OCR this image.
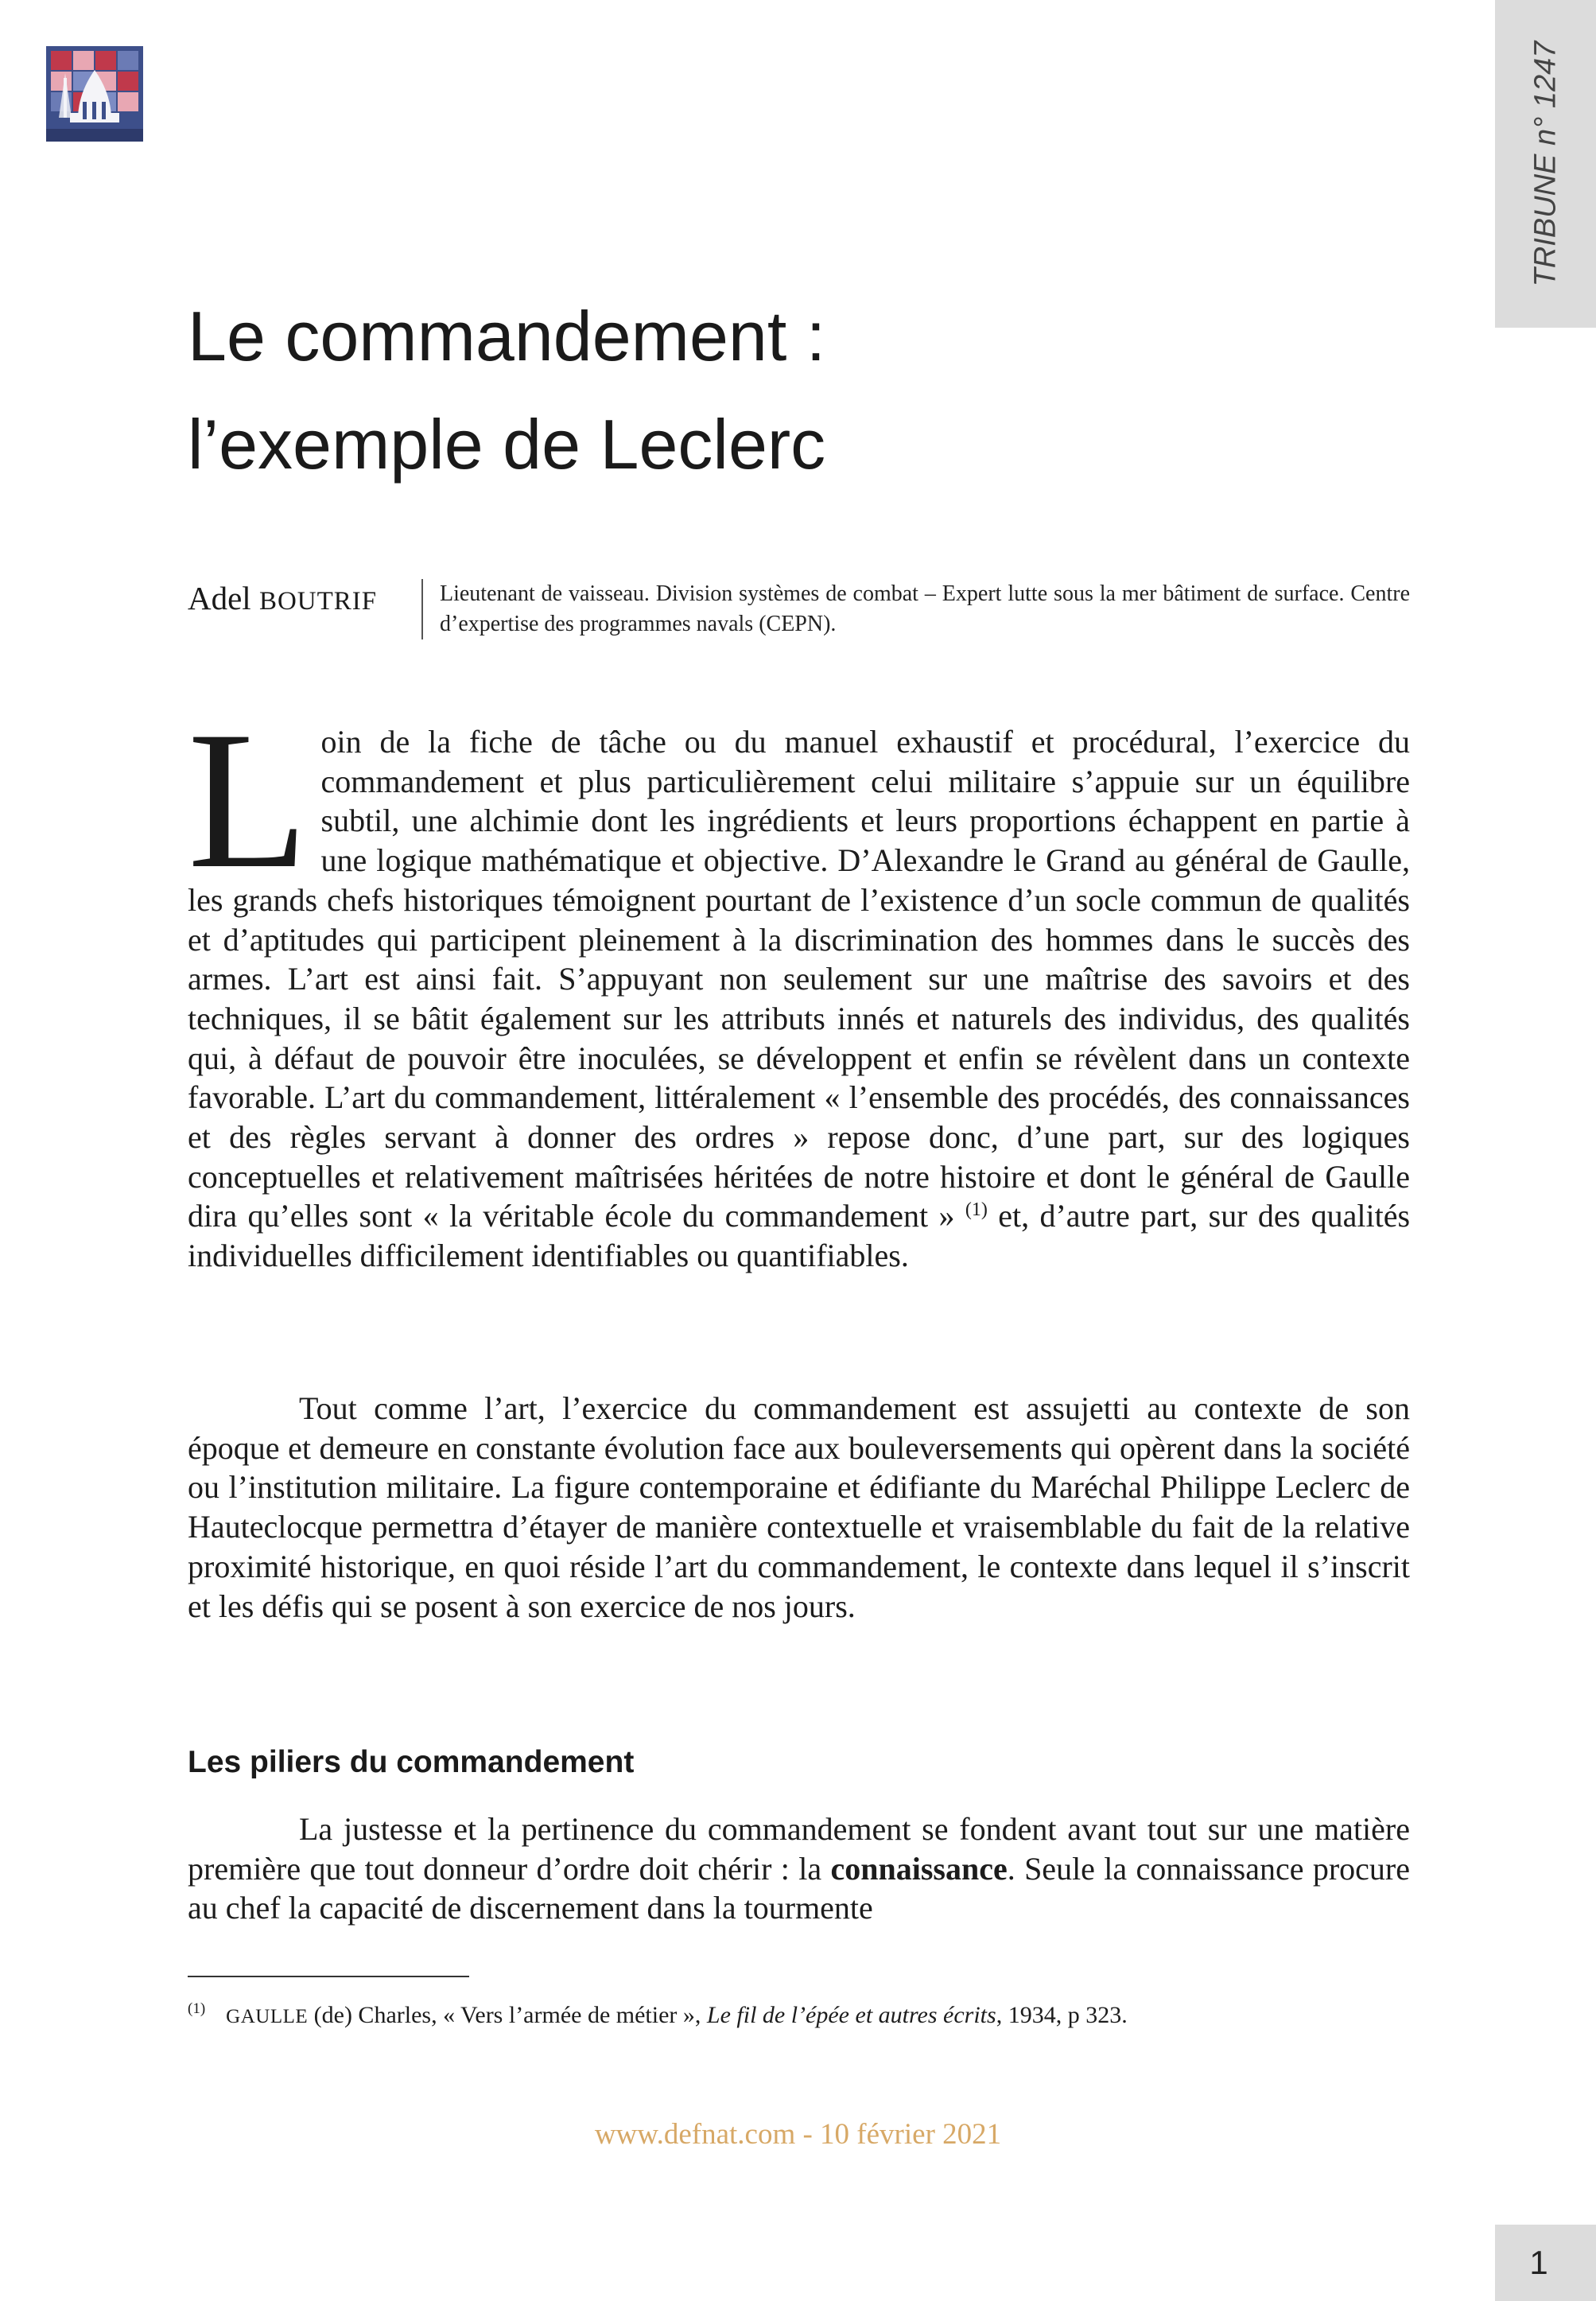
TRIBUNE n° 1247
Le commandement :
l’exemple de Leclerc
Adel BOUTRIF	Lieutenant de vaisseau. Division systèmes de combat – Expert lutte sous la mer bâtiment de surface. Centre d’expertise des programmes navals (CEPN).

Loin de la fiche de tâche ou du manuel exhaustif et procédural, l’exercice du commandement et plus particulièrement celui militaire s’appuie sur un équilibre subtil, une alchimie dont les ingrédients et leurs proportions échappent en partie à une logique mathématique et objective. D’Alexandre le Grand au général de Gaulle, les grands chefs historiques témoignent pourtant de l’existence d’un socle commun de qualités et d’aptitudes qui participent pleinement à la discrimination des hommes dans le succès des armes. L’art est ainsi fait. S’appuyant non seulement sur une maîtrise des savoirs et des techniques, il se bâtit également sur les attributs innés et naturels des individus, des qualités qui, à défaut de pouvoir être inoculées, se développent et enfin se révèlent dans un contexte favorable. L’art du commandement, littéralement « l’ensemble des procédés, des connaissances et des règles servant à donner des ordres » repose donc, d’une part, sur des logiques conceptuelles et relativement maîtrisées héritées de notre histoire et dont le général de Gaulle dira qu’elles sont « la véritable école du commandement » $^{(1)}$ et, d’autre part, sur des qualités individuelles difficilement identifiables ou quantifiables.

Tout comme l’art, l’exercice du commandement est assujetti au contexte de son époque et demeure en constante évolution face aux bouleversements qui opèrent dans la société ou l’institution militaire. La figure contemporaine et édifiante du Maréchal Philippe Leclerc de Hauteclocque permettra d’étayer de manière contextuelle et vraisemblable du fait de la relative proximité historique, en quoi réside l’art du commandement, le contexte dans lequel il s’inscrit et les défis qui se posent à son exercice de nos jours.

Les piliers du commandement

La justesse et la pertinence du commandement se fondent avant tout sur une matière première que tout donneur d’ordre doit chérir : la connaissance. Seule la connaissance procure au chef la capacité de discernement dans la tourmente

$^{(1)}$ GAULLE (de) Charles, « Vers l’armée de métier », Le fil de l’épée et autres écrits, 1934, p 323.
www.defnat.com - 10 février 2021
1
